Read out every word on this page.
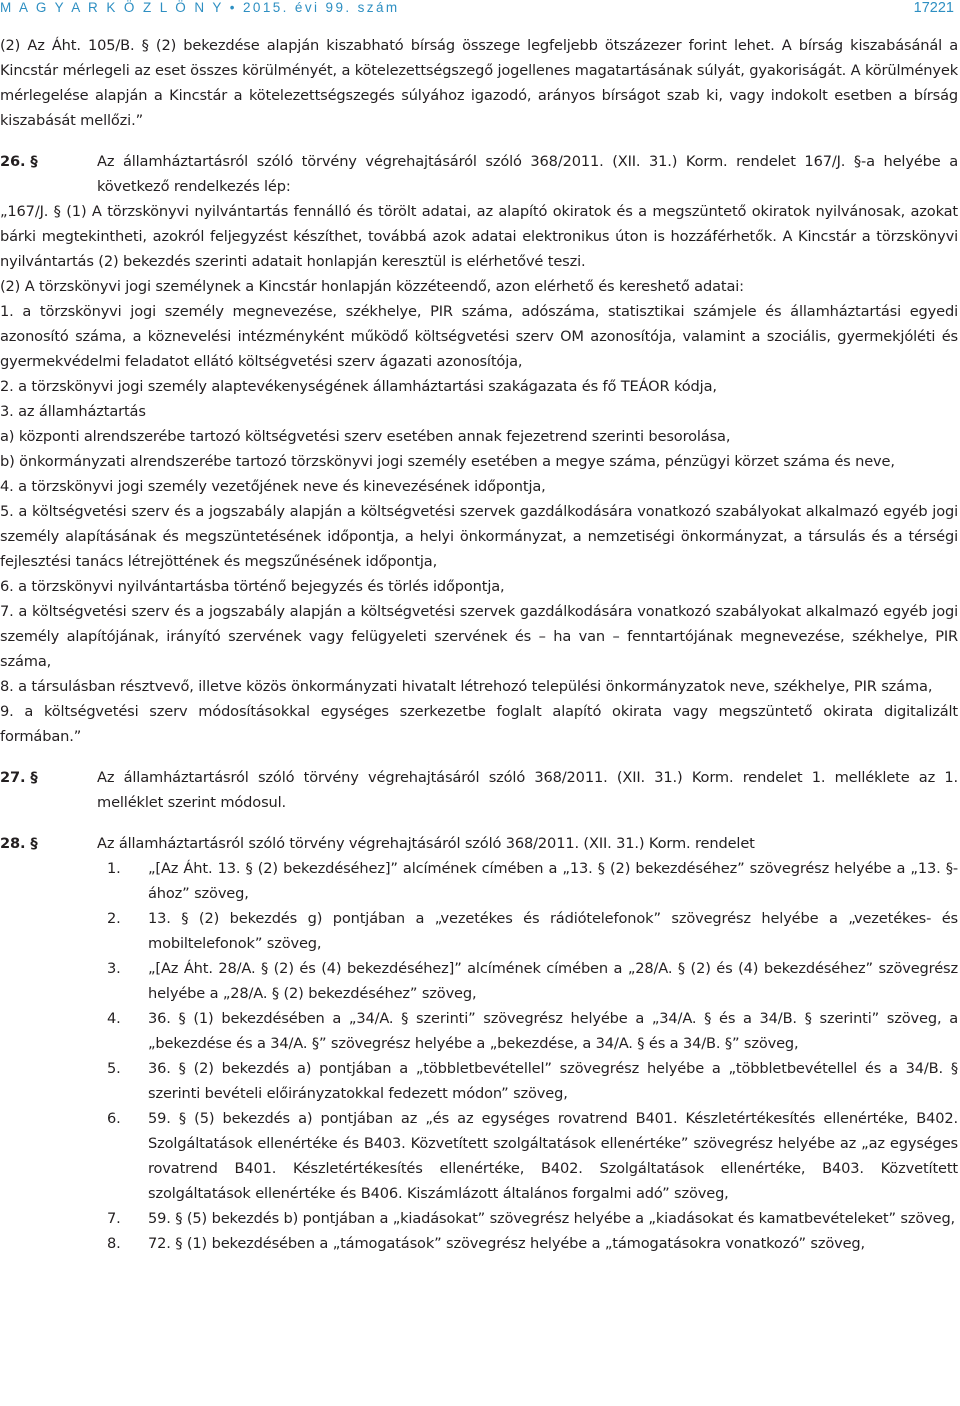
M A G Y A R K Ö Z L Ö N Y • 2015. évi 99. szám	17221

(2) Az Áht. 105/B. § (2) bekezdése alapján kiszabható bírság összege legfeljebb ötszázezer forint lehet. A bírság kiszabásánál a Kincstár mérlegeli az eset összes körülményét, a kötelezettségszegő jogellenes magatartásának súlyát, gyakoriságát. A körülmények mérlegelése alapján a Kincstár a kötelezettségszegés súlyához igazodó, arányos bírságot szab ki, vagy indokolt esetben a bírság kiszabását mellőzi.”

26. §	Az államháztartásról szóló törvény végrehajtásáról szóló 368/2011. (XII. 31.) Korm. rendelet 167/J. §-a helyébe a következő rendelkezés lép:

„167/J. § (1) A törzskönyvi nyilvántartás fennálló és törölt adatai, az alapító okiratok és a megszüntető okiratok nyilvánosak, azokat bárki megtekintheti, azokról feljegyzést készíthet, továbbá azok adatai elektronikus úton is hozzáférhetők. A Kincstár a törzskönyvi nyilvántartás (2) bekezdés szerinti adatait honlapján keresztül is elérhetővé teszi.

(2) A törzskönyvi jogi személynek a Kincstár honlapján közzéteendő, azon elérhető és kereshető adatai:

1. a törzskönyvi jogi személy megnevezése, székhelye, PIR száma, adószáma, statisztikai számjele és államháztartási egyedi azonosító száma, a köznevelési intézményként működő költségvetési szerv OM azonosítója, valamint a szociális, gyermekjóléti és gyermekvédelmi feladatot ellátó költségvetési szerv ágazati azonosítója,

2. a törzskönyvi jogi személy alaptevékenységének államháztartási szakágazata és fő TEÁOR kódja,

3. az államháztartás

a) központi alrendszerébe tartozó költségvetési szerv esetében annak fejezetrend szerinti besorolása,

b) önkormányzati alrendszerébe tartozó törzskönyvi jogi személy esetében a megye száma, pénzügyi körzet száma és neve,

4. a törzskönyvi jogi személy vezetőjének neve és kinevezésének időpontja,

5. a költségvetési szerv és a jogszabály alapján a költségvetési szervek gazdálkodására vonatkozó szabályokat alkalmazó egyéb jogi személy alapításának és megszüntetésének időpontja, a helyi önkormányzat, a nemzetiségi önkormányzat, a társulás és a térségi fejlesztési tanács létrejöttének és megszűnésének időpontja,

6. a törzskönyvi nyilvántartásba történő bejegyzés és törlés időpontja,

7. a költségvetési szerv és a jogszabály alapján a költségvetési szervek gazdálkodására vonatkozó szabályokat alkalmazó egyéb jogi személy alapítójának, irányító szervének vagy felügyeleti szervének és – ha van – fenntartójának megnevezése, székhelye, PIR száma,

8. a társulásban résztvevő, illetve közös önkormányzati hivatalt létrehozó települési önkormányzatok neve, székhelye, PIR száma,

9. a költségvetési szerv módosításokkal egységes szerkezetbe foglalt alapító okirata vagy megszüntető okirata digitalizált formában.”

27. §	Az államháztartásról szóló törvény végrehajtásáról szóló 368/2011. (XII. 31.) Korm. rendelet 1. melléklete az 1. melléklet szerint módosul.
28. §	Az államháztartásról szóló törvény végrehajtásáról szóló 368/2011. (XII. 31.) Korm. rendelet
1. „[Az Áht. 13. § (2) bekezdéséhez]” alcímének címében a „13. § (2) bekezdéséhez” szövegrész helyébe a „13. §-ához” szöveg,
2. 13. § (2) bekezdés g) pontjában a „vezetékes és rádiótelefonok” szövegrész helyébe a „vezetékes- és mobiltelefonok” szöveg,
3. „[Az Áht. 28/A. § (2) és (4) bekezdéséhez]” alcímének címében a „28/A. § (2) és (4) bekezdéséhez” szövegrész helyébe a „28/A. § (2) bekezdéséhez” szöveg,
4. 36. § (1) bekezdésében a „34/A. § szerinti” szövegrész helyébe a „34/A. § és a 34/B. § szerinti” szöveg, a „bekezdése és a 34/A. §” szövegrész helyébe a „bekezdése, a 34/A. § és a 34/B. §” szöveg,
5. 36. § (2) bekezdés a) pontjában a „többletbevétellel” szövegrész helyébe a „többletbevétellel és a 34/B. § szerinti bevételi előirányzatokkal fedezett módon” szöveg,
6. 59. § (5) bekezdés a) pontjában az „és az egységes rovatrend B401. Készletértékesítés ellenértéke, B402. Szolgáltatások ellenértéke és B403. Közvetített szolgáltatások ellenértéke” szövegrész helyébe az „az egységes rovatrend B401. Készletértékesítés ellenértéke, B402. Szolgáltatások ellenértéke, B403. Közvetített szolgáltatások ellenértéke és B406. Kiszámlázott általános forgalmi adó” szöveg,
7. 59. § (5) bekezdés b) pontjában a „kiadásokat” szövegrész helyébe a „kiadásokat és kamatbevételeket” szöveg,
8. 72. § (1) bekezdésében a „támogatások” szövegrész helyébe a „támogatásokra vonatkozó” szöveg,
